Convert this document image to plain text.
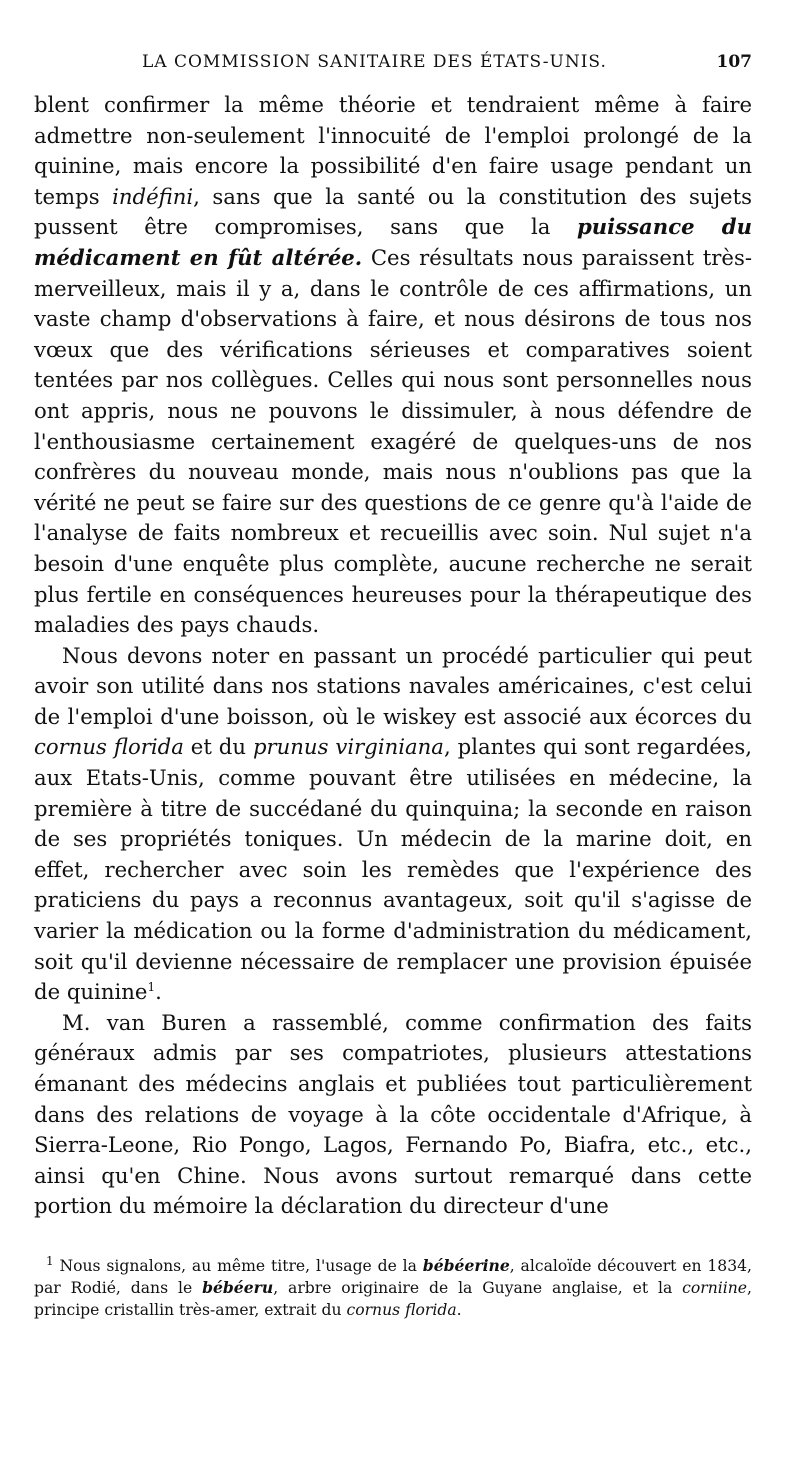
LA COMMISSION SANITAIRE DES ÉTATS-UNIS.	107

blent confirmer la même théorie et tendraient même à faire admettre non-seulement l'innocuité de l'emploi prolongé de la quinine, mais encore la possibilité d'en faire usage pendant un temps indéfini, sans que la santé ou la constitution des sujets pussent être compromises, sans que la puissance du médicament en fût altérée. Ces résultats nous paraissent très-merveilleux, mais il y a, dans le contrôle de ces affirmations, un vaste champ d'observations à faire, et nous désirons de tous nos vœux que des vérifications sérieuses et comparatives soient tentées par nos collègues. Celles qui nous sont personnelles nous ont appris, nous ne pouvons le dissimuler, à nous défendre de l'enthousiasme certainement exagéré de quelques-uns de nos confrères du nouveau monde, mais nous n'oublions pas que la vérité ne peut se faire sur des questions de ce genre qu'à l'aide de l'analyse de faits nombreux et recueillis avec soin. Nul sujet n'a besoin d'une enquête plus complète, aucune recherche ne serait plus fertile en conséquences heureuses pour la thérapeutique des maladies des pays chauds.

Nous devons noter en passant un procédé particulier qui peut avoir son utilité dans nos stations navales américaines, c'est celui de l'emploi d'une boisson, où le wiskey est associé aux écorces du cornus florida et du prunus virginiana, plantes qui sont regardées, aux Etats-Unis, comme pouvant être utilisées en médecine, la première à titre de succédané du quinquina; la seconde en raison de ses propriétés toniques. Un médecin de la marine doit, en effet, rechercher avec soin les remèdes que l'expérience des praticiens du pays a reconnus avantageux, soit qu'il s'agisse de varier la médication ou la forme d'administration du médicament, soit qu'il devienne nécessaire de remplacer une provision épuisée de quinine$^1$.

M. van Buren a rassemblé, comme confirmation des faits généraux admis par ses compatriotes, plusieurs attestations émanant des médecins anglais et publiées tout particulièrement dans des relations de voyage à la côte occidentale d'Afrique, à Sierra-Leone, Rio Pongo, Lagos, Fernando Po, Biafra, etc., etc., ainsi qu'en Chine. Nous avons surtout remarqué dans cette portion du mémoire la déclaration du directeur d'une

$^1$ Nous signalons, au même titre, l'usage de la bébéerine, alcaloïde découvert en 1834, par Rodié, dans le bébéeru, arbre originaire de la Guyane anglaise, et la corniine, principe cristallin très-amer, extrait du cornus florida.
